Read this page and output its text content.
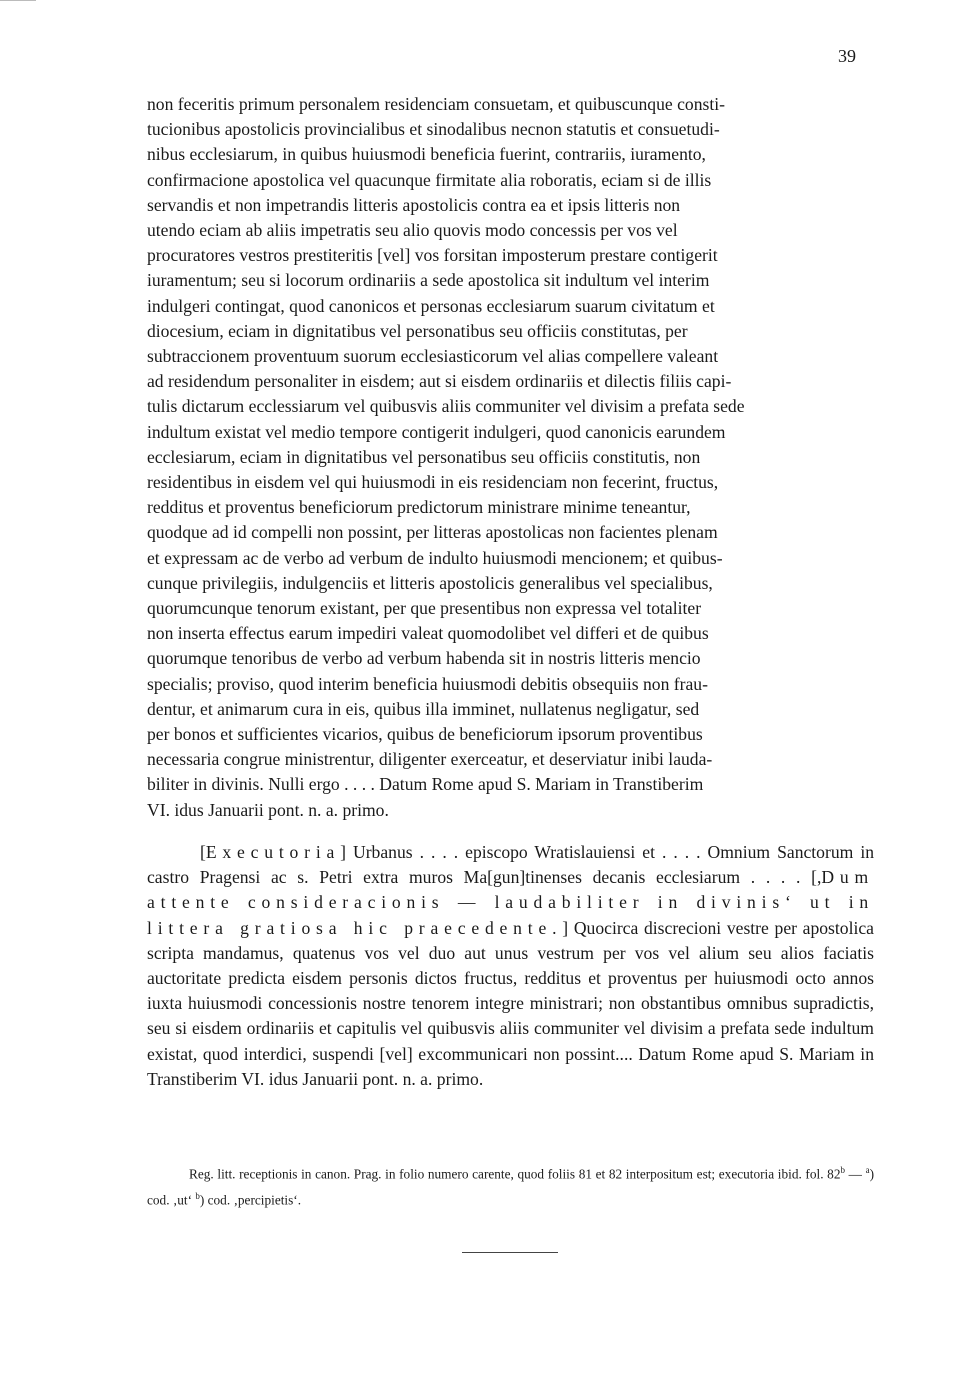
39

non feceritis primum personalem residenciam consuetam, et quibuscunque consti-

tucionibus apostolicis provincialibus et sinodalibus necnon statutis et consuetudi-

nibus ecclesiarum, in quibus huiusmodi beneficia fuerint, contrariis, iuramento,

confirmacione apostolica vel quacunque firmitate alia roboratis, eciam si de illis

servandis et non impetrandis litteris apostolicis contra ea et ipsis litteris non

utendo eciam ab aliis impetratis seu alio quovis modo concessis per vos vel

procuratores vestros prestiteritis [vel] vos forsitan imposterum prestare contigerit

iuramentum; seu si locorum ordinariis a sede apostolica sit indultum vel interim

indulgeri contingat, quod canonicos et personas ecclesiarum suarum civitatum et

diocesium, eciam in dignitatibus vel personatibus seu officiis constitutas, per

subtraccionem proventuum suorum ecclesiasticorum vel alias compellere valeant

ad residendum personaliter in eisdem; aut si eisdem ordinariis et dilectis filiis capi-

tulis dictarum ecclessiarum vel quibusvis aliis communiter vel divisim a prefata sede

indultum existat vel medio tempore contigerit indulgeri, quod canonicis earundem

ecclesiarum, eciam in dignitatibus vel personatibus seu officiis constitutis, non

residentibus in eisdem vel qui huiusmodi in eis residenciam non fecerint, fructus,

redditus et proventus beneficiorum predictorum ministrare minime teneantur,

quodque ad id compelli non possint, per litteras apostolicas non facientes plenam

et expressam ac de verbo ad verbum de indulto huiusmodi mencionem; et quibus-

cunque privilegiis, indulgenciis et litteris apostolicis generalibus vel specialibus,

quorumcunque tenorum existant, per que presentibus non expressa vel totaliter

non inserta effectus earum impediri valeat quomodolibet vel differi et de quibus

quorumque tenoribus de verbo ad verbum habenda sit in nostris litteris mencio

specialis; proviso, quod interim beneficia huiusmodi debitis obsequiis non frau-

dentur, et animarum cura in eis, quibus illa imminet, nullatenus negligatur, sed

per bonos et sufficientes vicarios, quibus de beneficiorum ipsorum proventibus

necessaria congrue ministrentur, diligenter exerceatur, et deserviatur inibi lauda-

biliter in divinis. Nulli ergo . . . . Datum Rome apud S. Mariam in Transtiberim

VI. idus Januarii pont. n. a. primo.

[Executoria] Urbanus . . . . episcopo Wratislauiensi et . . . . Omnium Sanctorum in castro Pragensi ac s. Petri extra muros Ma[gun]tinenses decanis ecclesiarum . . . . [,Dum attente consideracionis — laudabiliter in divinis‘ ut in littera gratiosa hic praecedente.] Quocirca discrecioni vestre per apostolica scripta mandamus, quatenus vos vel duo aut unus vestrum per vos vel alium seu alios faciatis auctoritate predicta eisdem personis dictos fructus, redditus et proventus per huiusmodi octo annos iuxta huiusmodi concessionis nostre tenorem integre ministrari; non obstantibus omnibus supradictis, seu si eisdem ordinariis et capitulis vel quibusvis aliis communiter vel divisim a prefata sede indultum existat, quod interdici, suspendi [vel] excommunicari non possint.... Datum Rome apud S. Mariam in Transtiberim VI. idus Januarii pont. n. a. primo.

Reg. litt. receptionis in canon. Prag. in folio numero carente, quod foliis 81 et 82 interpositum est; executoria ibid. fol. 82$^b$ — $^a$) cod. ‚ut‘ $^b$) cod. ‚percipietis‘.
